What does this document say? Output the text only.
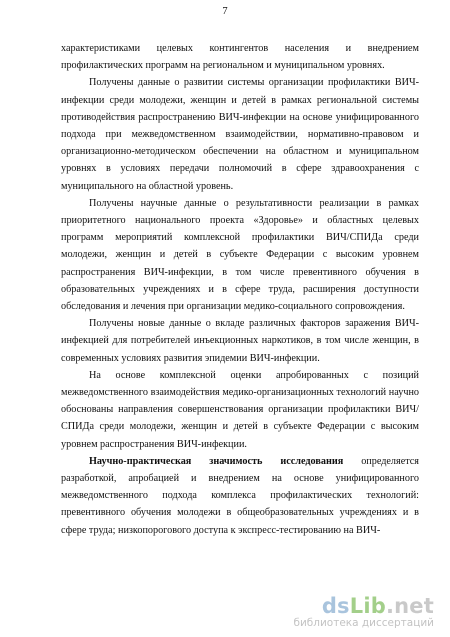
7

характеристиками целевых контингентов населения и внедрением профилактических программ на региональном и муниципальном уровнях.

Получены данные о развитии системы организации профилактики ВИЧ-инфекции среди молодежи, женщин и детей в рамках региональной системы противодействия распространению ВИЧ-инфекции на основе унифицированного подхода при межведомственном взаимодействии, нормативно-правовом и организационно-методическом обеспечении на областном и муниципальном уровнях в условиях передачи полномочий в сфере здравоохранения с муниципального на областной уровень.

Получены научные данные о результативности реализации в рамках приоритетного национального проекта «Здоровье» и областных целевых программ мероприятий комплексной профилактики ВИЧ/СПИДа среди молодежи, женщин и детей в субъекте Федерации с высоким уровнем распространения ВИЧ-инфекции, в том числе превентивного обучения в образовательных учреждениях и в сфере труда, расширения доступности обследования и лечения при организации медико-социального сопровождения.

Получены новые данные о вкладе различных факторов заражения ВИЧ-инфекцией для потребителей инъекционных наркотиков, в том числе женщин, в современных условиях развития эпидемии ВИЧ-инфекции.

На основе комплексной оценки апробированных с позиций межведомственного взаимодействия медико-организационных технологий научно обоснованы направления совершенствования организации профилактики ВИЧ/СПИДа среди молодежи, женщин и детей в субъекте Федерации с высоким уровнем распространения ВИЧ-инфекции.

Научно-практическая значимость исследования определяется разработкой, апробацией и внедрением на основе унифицированного межведомственного подхода комплекса профилактических технологий: превентивного обучения молодежи в общеобразовательных учреждениях и в сфере труда; низкопорогового доступа к экспресс-тестированию на ВИЧ-

dsLib.net
библиотека диссертаций
